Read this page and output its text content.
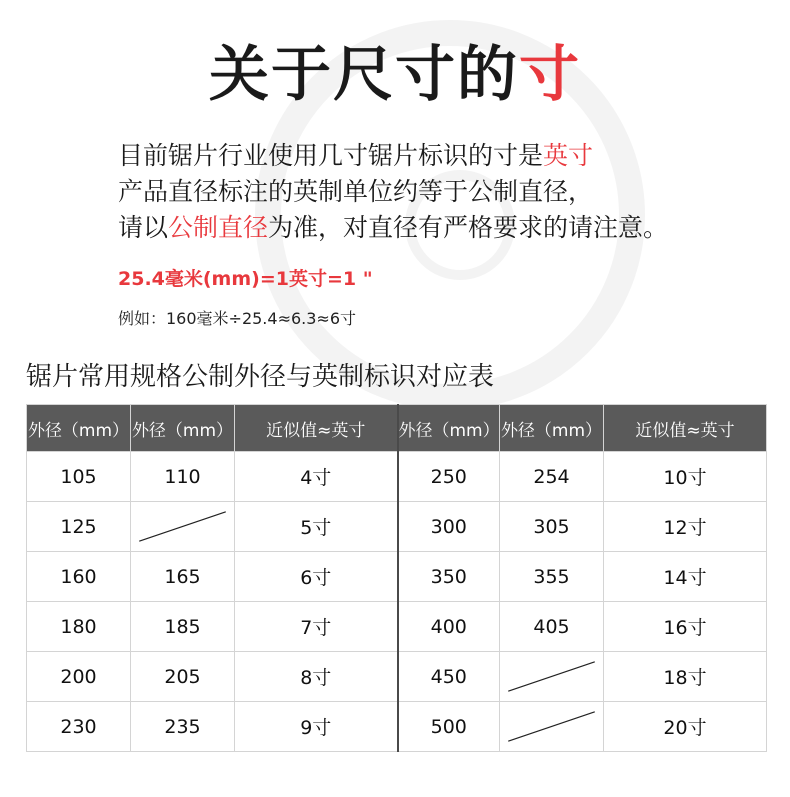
关于尺寸的寸
目前锯片行业使用几寸锯片标识的寸是英寸
产品直径标注的英制单位约等于公制直径，
请以公制直径为准，对直径有严格要求的请注意。
25.4毫米(mm)=1英寸=1 "
例如：160毫米÷25.4≈6.3≈6寸
锯片常用规格公制外径与英制标识对应表
外径（mm）	外径（mm）	近似值≈英寸	外径（mm）	外径（mm）	近似值≈英寸
105	110	4寸	250	254	10寸
125		5寸	300	305	12寸
160	165	6寸	350	355	14寸
180	185	7寸	400	405	16寸
200	205	8寸	450		18寸
230	235	9寸	500		20寸
